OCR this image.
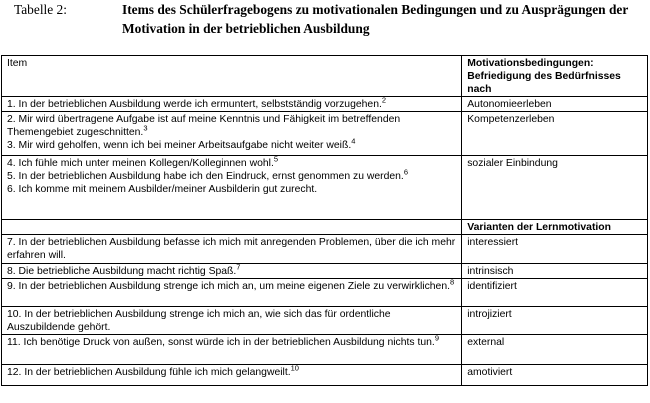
Tabelle 2:	Items des Schülerfragebogens zu motivationalen Bedingungen und zu Ausprägungen der Motivation in der betrieblichen Ausbildung
Item	Motivationsbedingungen: Befriedigung des Bedürfnisses nach

1. In der betrieblichen Ausbildung werde ich ermuntert, selbstständig vorzugehen.$^2$	Autonomieerleben

2. Mir wird übertragene Aufgabe ist auf meine Kenntnis und Fähigkeit im betreffenden Themengebiet zugeschnitten.$^3$
3. Mir wird geholfen, wenn ich bei meiner Arbeitsaufgabe nicht weiter weiß.$^4$	Kompetenzerleben

4. Ich fühle mich unter meinen Kollegen/Kolleginnen wohl.$^5$
5. In der betrieblichen Ausbildung habe ich den Eindruck, ernst genommen zu werden.$^6$
6. Ich komme mit meinem Ausbilder/meiner Ausbilderin gut zurecht.	sozialer Einbindung
	Varianten der Lernmotivation
7. In der betrieblichen Ausbildung befasse ich mich mit anregenden Problemen, über die ich mehr erfahren will.	interessiert
8. Die betriebliche Ausbildung macht richtig Spaß.$^7$	intrinsisch
9. In der betrieblichen Ausbildung strenge ich mich an, um meine eigenen Ziele zu verwirklichen.$^8$	identifiziert
10. In der betrieblichen Ausbildung strenge ich mich an, wie sich das für ordentliche Auszubildende gehört.	introjiziert
11. Ich benötige Druck von außen, sonst würde ich in der betrieblichen Ausbildung nichts tun.$^9$	external
12. In der betrieblichen Ausbildung fühle ich mich gelangweilt.$^{10}$	amotiviert
